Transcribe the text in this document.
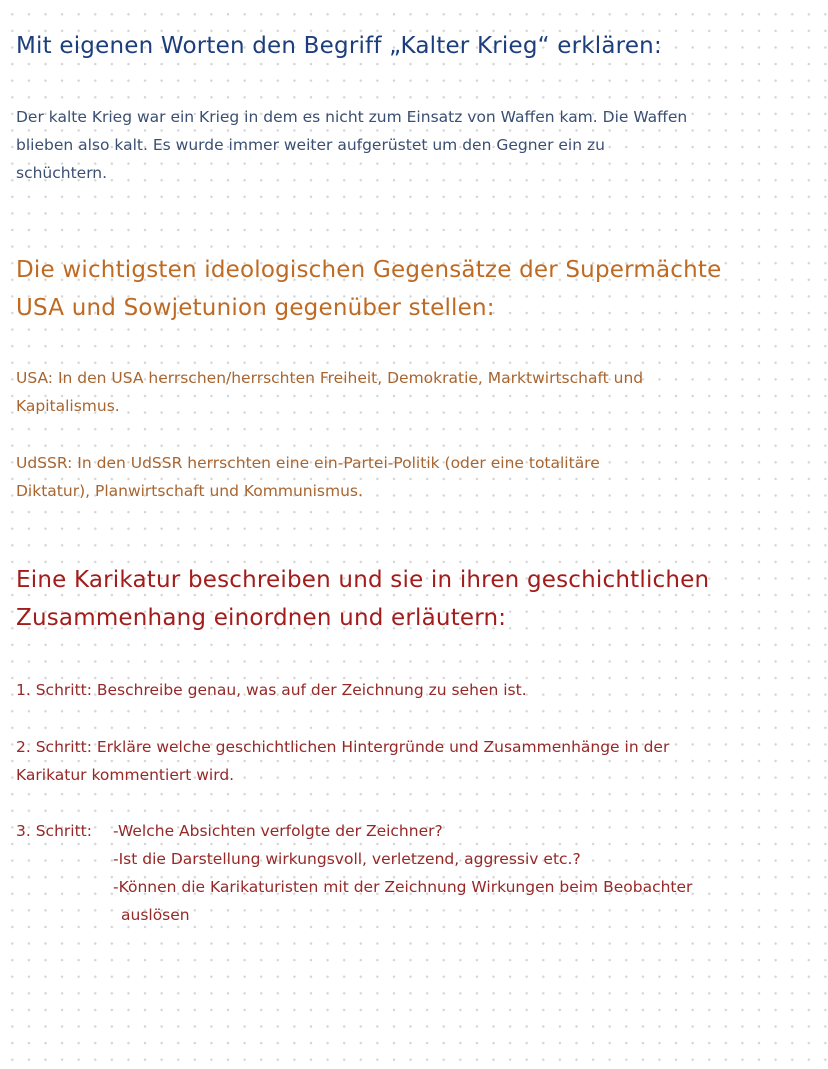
Mit eigenen Worten den Begriff „Kalter Krieg“ erklären:

Der kalte Krieg war ein Krieg in dem es nicht zum Einsatz von Waffen kam. Die Waffen
blieben also kalt. Es wurde immer weiter aufgerüstet um den Gegner ein zu
schüchtern.

Die wichtigsten ideologischen Gegensätze der Supermächte
USA und Sowjetunion gegenüber stellen:

USA: In den USA herrschen/herrschten Freiheit, Demokratie, Marktwirtschaft und
Kapitalismus.

UdSSR: In den UdSSR herrschten eine ein-Partei-Politik (oder eine totalitäre
Diktatur), Planwirtschaft und Kommunismus.

Eine Karikatur beschreiben und sie in ihren geschichtlichen
Zusammenhang einordnen und erläutern:

1. Schritt: Beschreibe genau, was auf der Zeichnung zu sehen ist.

2. Schritt: Erkläre welche geschichtlichen Hintergründe und Zusammenhänge in der
Karikatur kommentiert wird.

3. Schritt: -Welche Absichten verfolgte der Zeichner?
-Ist die Darstellung wirkungsvoll, verletzend, aggressiv etc.?
-Können die Karikaturisten mit der Zeichnung Wirkungen beim Beobachter
auslösen
